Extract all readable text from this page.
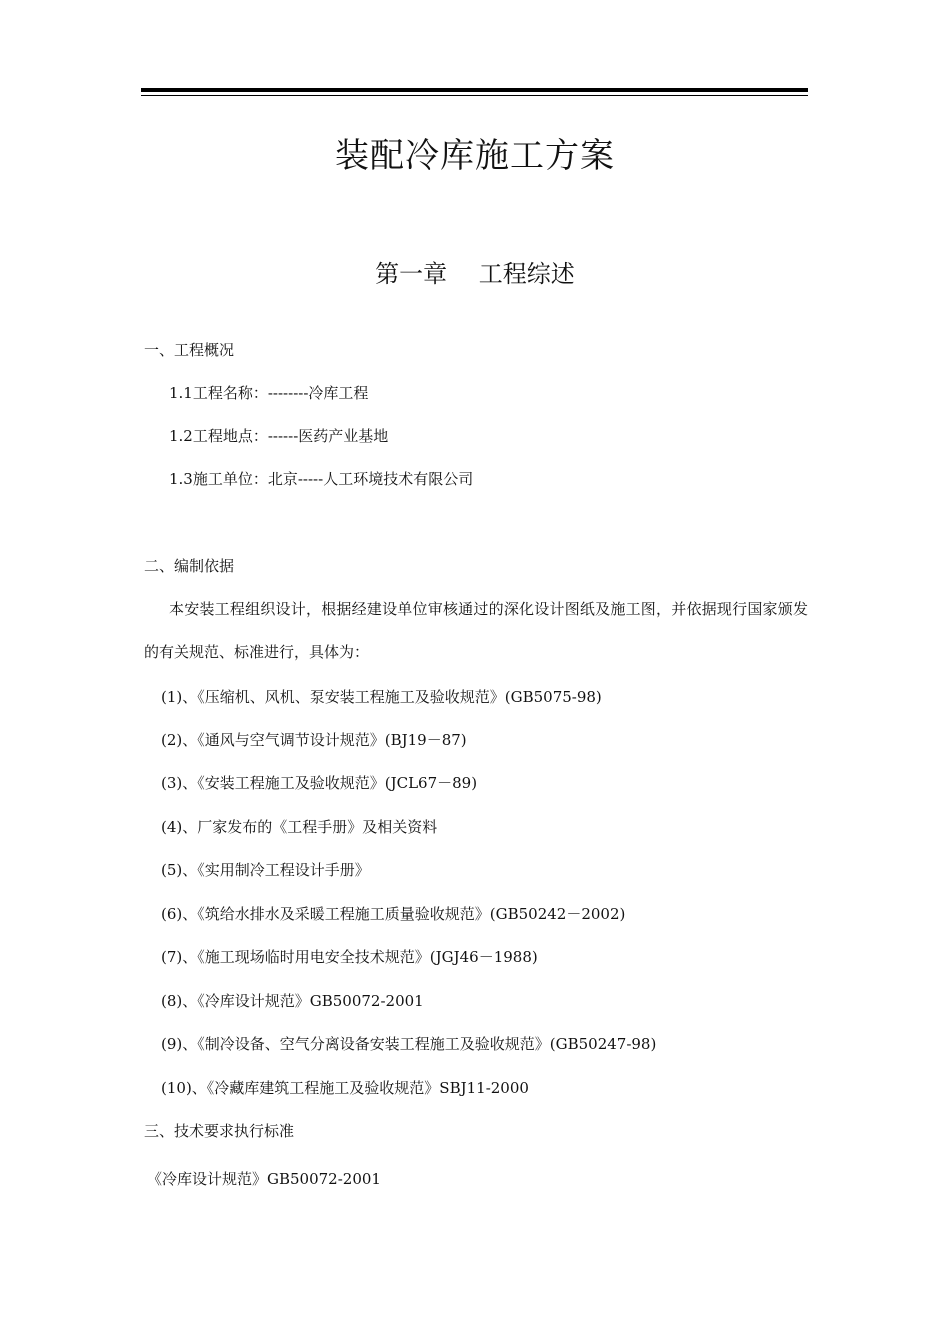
装配冷库施工方案
第一章　 工程综述
一、工程概况
1.1工程名称：--------冷库工程
1.2工程地点：------医药产业基地
1.3施工单位：北京-----人工环境技术有限公司
二、编制依据
本安装工程组织设计，根据经建设单位审核通过的深化设计图纸及施工图，并依据现行国家颁发的有关规范、标准进行，具体为：
(1)、《压缩机、风机、泵安装工程施工及验收规范》(GB5075-98)
(2)、《通风与空气调节设计规范》(BJ19－87)
(3)、《安装工程施工及验收规范》(JCL67－89)
(4)、厂家发布的《工程手册》及相关资料
(5)、《实用制冷工程设计手册》
(6)、《筑给水排水及采暖工程施工质量验收规范》(GB50242－2002)
(7)、《施工现场临时用电安全技术规范》(JGJ46－1988)
(8)、《冷库设计规范》GB50072-2001
(9)、《制冷设备、空气分离设备安装工程施工及验收规范》(GB50247-98)
(10)、《冷藏库建筑工程施工及验收规范》SBJ11-2000
三、技术要求执行标准
《冷库设计规范》GB50072-2001
